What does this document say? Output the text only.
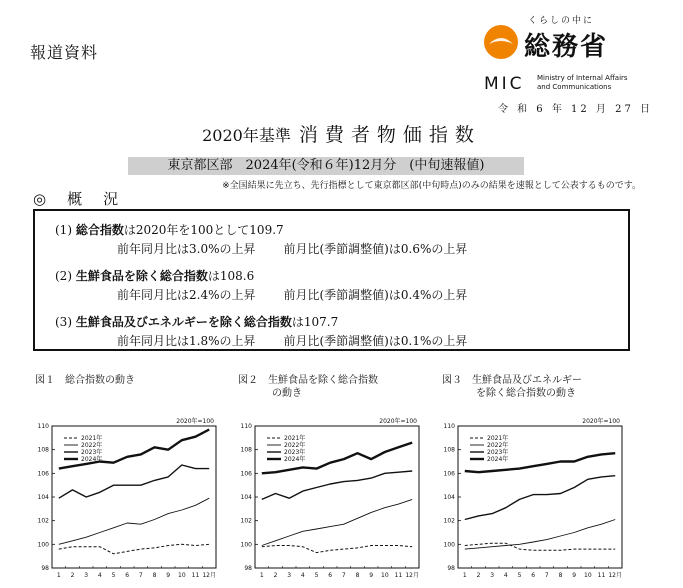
報道資料
くらしの中に
総務省
MIC Ministry of Internal Affairs
and Communications
令 和 6 年 12 月 27 日
2020年基準 消費者物価指数
東京都区部　2024年(令和６年)12月分　(中旬速報値)
◎　概　況
※全国結果に先立ち、先行指標として東京都区部(中旬時点)のみの結果を速報として公表するものです。
(1) 総合指数は2020年を100として109.7
前年同月比は3.0%の上昇 前月比(季節調整値)は0.6%の上昇
(2) 生鮮食品を除く総合指数は108.6
前年同月比は2.4%の上昇 前月比(季節調整値)は0.4%の上昇
(3) 生鮮食品及びエネルギーを除く総合指数は107.7
前年同月比は1.8%の上昇 前月比(季節調整値)は0.1%の上昇
図１　総合指数の動き	図２　生鮮食品を除く総合指数
の動き
図３　生鮮食品及びエネルギー
を除く総合指数の動き
2020年=100
98
100
102
104
106
108
110
1 2 3 4 5 6 7 8 9 10 11 12月
2021年
2022年
2023年
2024年
2020年=100
98
100
102
104
106
108
110
1 2 3 4 5 6 7 8 9 10 11 12月
2021年
2022年
2023年
2024年
2020年=100
98
100
102
104
106
108
110
1 2 3 4 5 6 7 8 9 10 11 12月
2021年
2022年
2023年
2024年
